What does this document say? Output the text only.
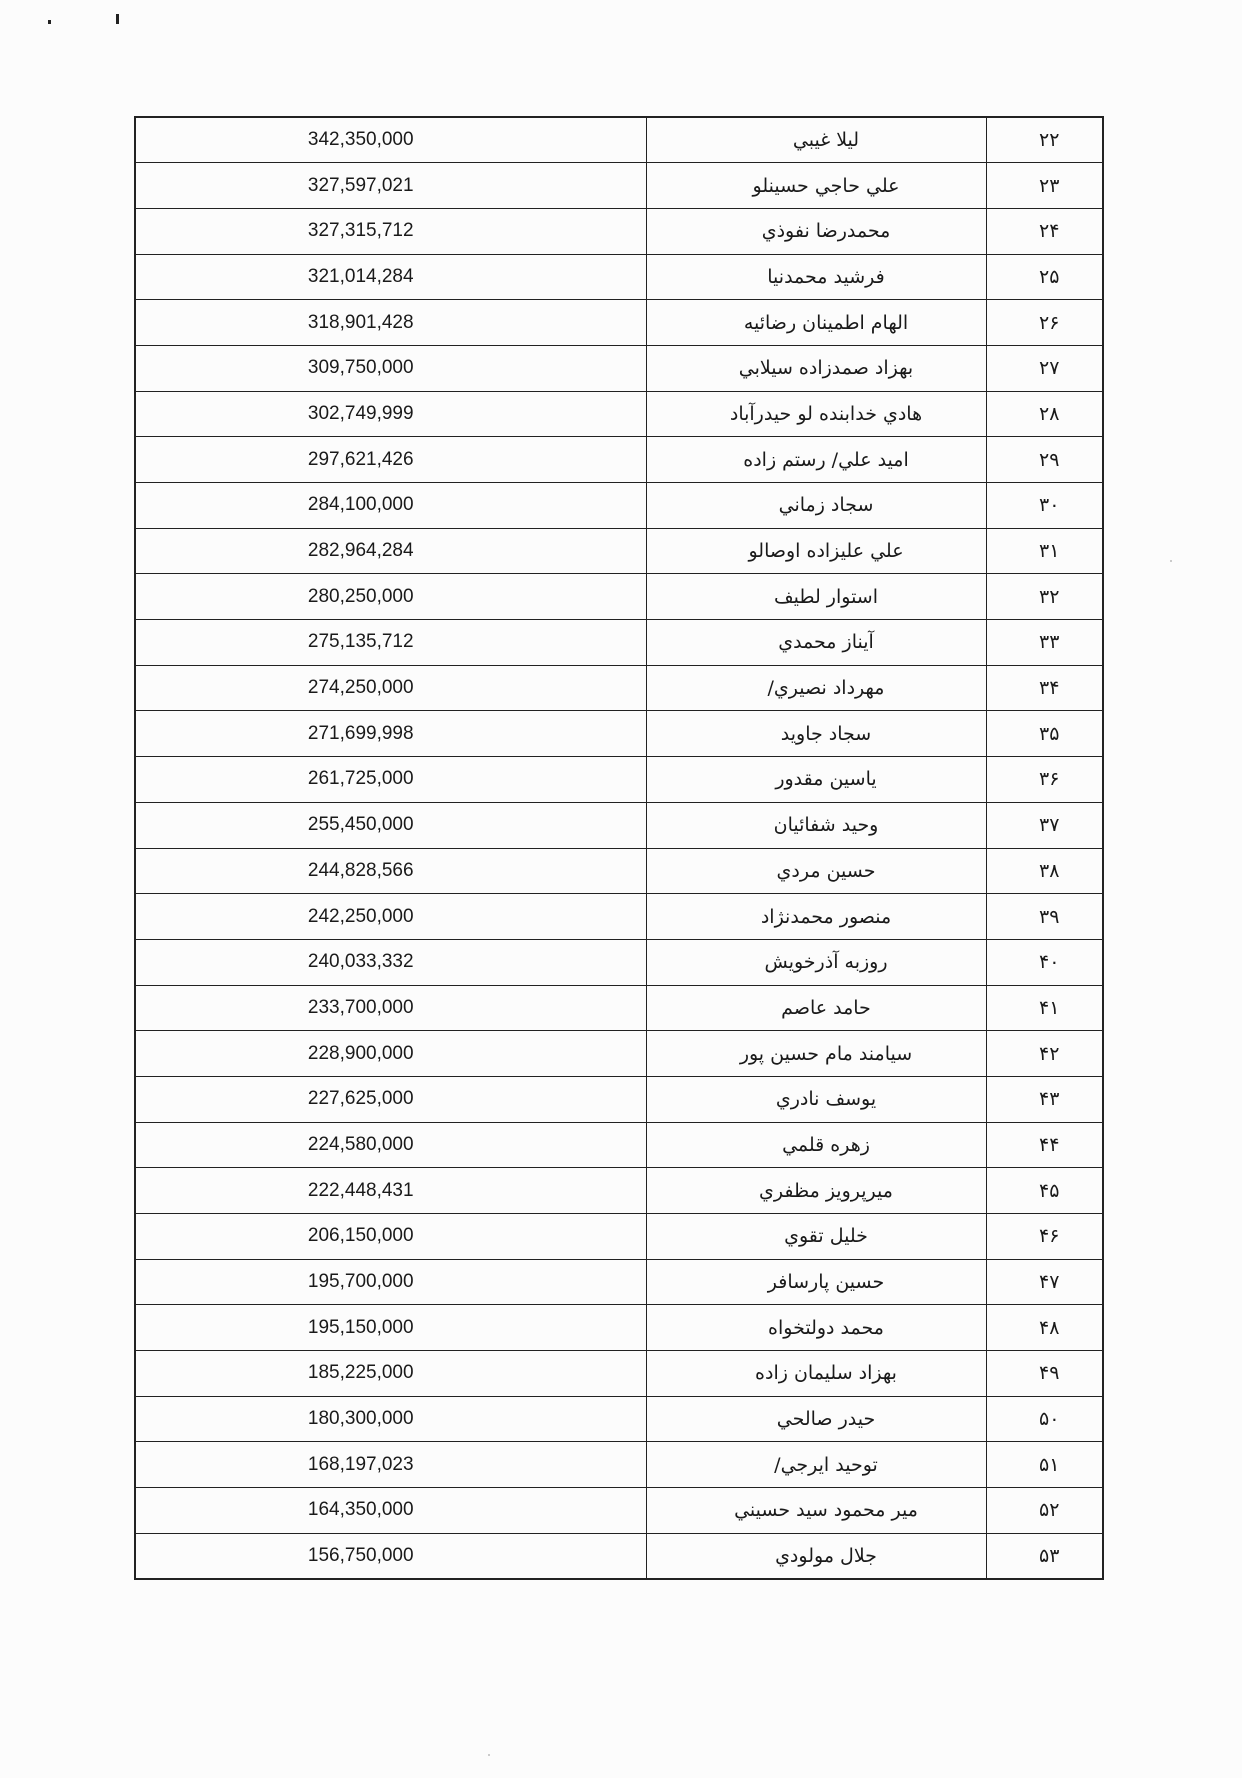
342,350,000	ليلا غيبي	۲۲
327,597,021	علي حاجي حسينلو	۲۳
327,315,712	محمدرضا نفوذي	۲۴
321,014,284	فرشيد محمدنيا	۲۵
318,901,428	الهام اطمينان رضائيه	۲۶
309,750,000	بهزاد صمدزاده سيلابي	۲۷
302,749,999	هادي خدابنده لو حيدرآباد	۲۸
297,621,426	اميد علي/ رستم زاده	۲۹
284,100,000	سجاد زماني	۳۰
282,964,284	علي عليزاده اوصالو	۳۱
280,250,000	استوار لطيف	۳۲
275,135,712	آيناز محمدي	۳۳
274,250,000	مهرداد نصيري/	۳۴
271,699,998	سجاد جاويد	۳۵
261,725,000	ياسين مقدور	۳۶
255,450,000	وحيد شفائيان	۳۷
244,828,566	حسين مردي	۳۸
242,250,000	منصور محمدنژاد	۳۹
240,033,332	روزبه آذرخويش	۴۰
233,700,000	حامد عاصم	۴۱
228,900,000	سيامند مام حسين پور	۴۲
227,625,000	يوسف نادري	۴۳
224,580,000	زهره قلمي	۴۴
222,448,431	ميرپرويز مظفري	۴۵
206,150,000	خليل تقوي	۴۶
195,700,000	حسين پارسافر	۴۷
195,150,000	محمد دولتخواه	۴۸
185,225,000	بهزاد سليمان زاده	۴۹
180,300,000	حيدر صالحي	۵۰
168,197,023	توحيد ايرجي/	۵۱
164,350,000	مير محمود سيد حسيني	۵۲
156,750,000	جلال مولودي	۵۳
